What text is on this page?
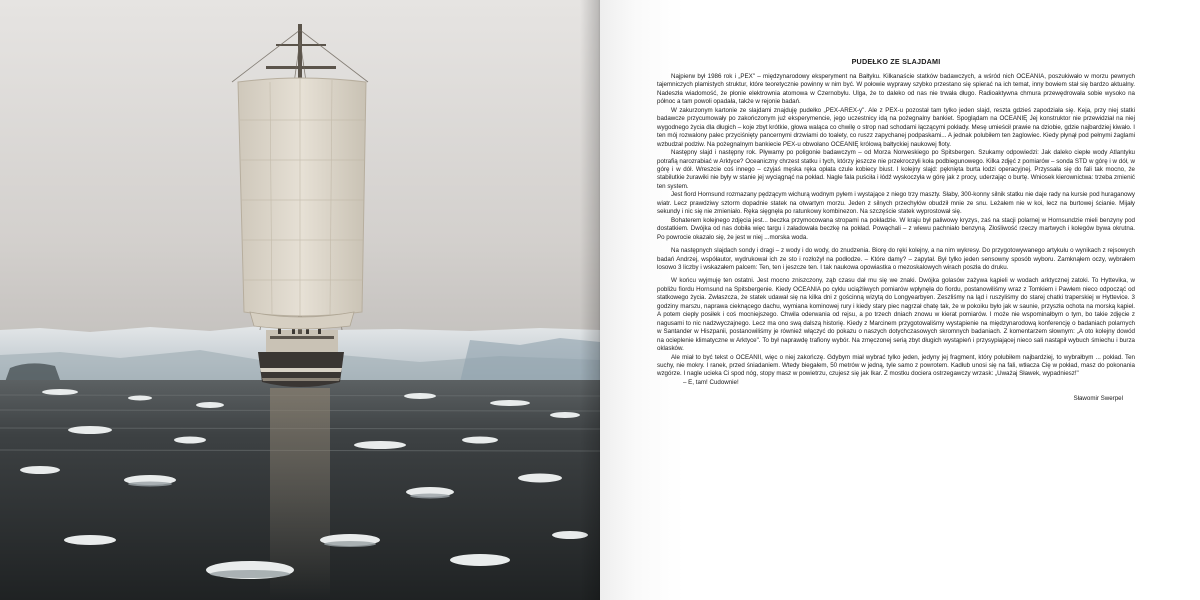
PUDEŁKO ZE SLAJDAMI

Najpierw był 1986 rok i „PEX" – międzynarodowy eksperyment na Bałtyku. Kilkanaście statków badawczych, a wśród nich OCEANIA, poszukiwało w morzu pewnych tajemniczych plamistych struktur, które teoretycznie powinny w nim być. W połowie wyprawy szybko przestano się spierać na ich temat, inny bowiem stał się bardzo aktualny. Nadeszła wiadomość, że płonie elektrownia atomowa w Czernobylu. Ulga, że to daleko od nas nie trwała długo. Radioaktywna chmura przewędrowała sobie wysoko na północ a tam powoli opadała, także w rejonie badań.

W zakurzonym kartonie ze slajdami znajduję pudełko „PEX-AREX-y". Ale z PEX-u pozostał tam tylko jeden slajd, reszta gdzieś zapodziała się. Keja, przy niej statki badawcze przycumowały po zakończonym już eksperymencie, jego uczestnicy idą na pożegnalny bankiet. Spoglądam na OCEANIĘ Jej konstruktor nie przewidział na niej wygodnego życia dla długich – koje zbyt krótkie, głowa waląca co chwilę o strop nad schodami łączącymi pokłady. Mesę umieścił prawie na dziobie, gdzie najbardziej kiwało. I ten mój rozwalony palec przyciśnięty pancernymi drzwiami do toalety, co ruszz zapychanej podpaskami... A jednak polubiłem ten żaglowiec. Kiedy płynął pod pełnymi żaglami wzbudzał podziw. Na pożegnalnym bankiecie PEX-u obwołano OCEANIĘ królową bałtyckiej naukowej floty.

Następny slajd i następny rok. Pływamy po poligonie badawczym – od Morza Norweskiego po Spitsbergen. Szukamy odpowiedzi: Jak daleko ciepłe wody Atlantyku potrafią narozrabiać w Arktyce? Oceaniczny chrzest statku i tych, którzy jeszcze nie przekroczyli koła podbiegunowego. Kilka zdjęć z pomiarów – sonda STD w górę i w dół, w górę i w dół. Wreszcie coś innego – czyjaś męska ręka opłata czule kobiecy biust. I kolejny slajd: pęknięta burta łodzi operacyjnej. Przyssała się do fali tak mocno, że stabilutkie żurawiki nie były w stanie jej wyciągnąć na pokład. Nagle fala puściła i łódź wyskoczyła w górę jak z procy, uderzając o burtę. Wniosek kierownictwa: trzeba zmienić ten system.

Jest fiord Hornsund rozmazany pędzącym wichurą wodnym pyłem i wystające z niego trzy maszty. Słaby, 300-konny silnik statku nie daje rady na kursie pod huraganowy wiatr. Lecz prawdziwy sztorm dopadnie statek na otwartym morzu. Jeden z silnych przechyłów obudził mnie ze snu. Leżałem nie w koi, lecz na burtowej ścianie. Mijały sekundy i nic się nie zmieniało. Ręka sięgnęła po ratunkowy kombinezon. Na szczęście statek wyprostował się.

Bohaterem kolejnego zdjęcia jest... beczka przymocowana stropami na pokładzie. W kraju był paliwowy kryzys, zaś na stacji polarnej w Hornsundzie mieli benzyny pod dostatkiem. Dwójka od nas dobiła więc targu i załadowała beczkę na pokład. Powąchali – z wlewu pachniało benzyną. Złośliwość rzeczy martwych i kolegów bywa okrutna. Po powrocie okazało się, że jest w niej ...morska woda.

Na następnych slajdach sondy i dragi – z wody i do wody, do znudzenia. Biorę do ręki kolejny, a na nim wykresy. Do przygotowywanego artykułu o wynikach z rejsowych badań Andrzej, współautor, wydrukował ich ze sto i rozłożył na podłodze. – Które damy? – zapytał. Był tylko jeden sensowny sposób wyboru. Zamknąłem oczy, wybrałem losowo 3 liczby i wskazałem palcem: Ten, ten i jeszcze ten. I tak naukowa opowiastka o mezoskalowych wirach poszła do druku.

W końcu wyjmuję ten ostatni. Jest mocno zniszczony, ząb czasu dał mu się we znaki. Dwójka golasów zażywa kąpieli w wodach arktycznej zatoki. To Hyttevika, w pobliżu fiordu Hornsund na Spitsbergenie. Kiedy OCEANIA po cyklu uciążliwych pomiarów wpłynęła do fiordu, postanowiliśmy wraz z Tomkiem i Pawłem nieco odpocząć od statkowego życia. Zwłaszcza, że statek udawał się na kilka dni z gościnną wizytą do Longyearbyen. Zeszliśmy na ląd i ruszyliśmy do starej chatki traperskiej w Hyttevice. 3 godziny marszu, naprawa cieknącego dachu, wymiana kominowej rury i kiedy stary piec nagrzał chatę tak, że w pokoiku było jak w saunie, przyszła ochota na morską kąpiel. A potem ciepły posiłek i coś mocniejszego. Chwila oderwania od rejsu, a po trzech dniach znowu w kierat pomiarów. I może nie wspominałbym o tym, bo takie zdjęcie z nagusami to nic nadzwyczajnego. Lecz ma ono swą dalszą historię. Kiedy z Marcinem przygotowaliśmy wystąpienie na międzynarodową konferencję o badaniach polarnych w Santander w Hiszpanii, postanowiliśmy je również włączyć do pokazu o naszych dotychczasowych skromnych badaniach. Z komentarzem słownym: „A oto kolejny dowód na ocieplenie klimatyczne w Arktyce". To był naprawdę trafiony wybór. Na zmęczonej serią zbyt długich wystąpień i przysypiającej nieco sali nastąpił wybuch śmiechu i burza oklasków.

Ale miał to być tekst o OCEANII, więc o niej zakończę. Gdybym miał wybrać tylko jeden, jedyny jej fragment, który polubiłem najbardziej, to wybrałbym ... pokład. Ten suchy, nie mokry. I ranek, przed śniadaniem. Wtedy biegałem, 50 metrów w jedną, tyle samo z powrotem. Kadłub unosi się na fali, wtłacza Cię w pokład, masz do pokonania wzgórze. I nagle ucieka Ci spod nóg, stopy masz w powietrzu, czujesz się jak Ikar. Z mostku dociera ostrzegawczy wrzask: „Uważaj Sławek, wypadniesz!"

– E, tam! Cudownie!

Sławomir Swerpel
